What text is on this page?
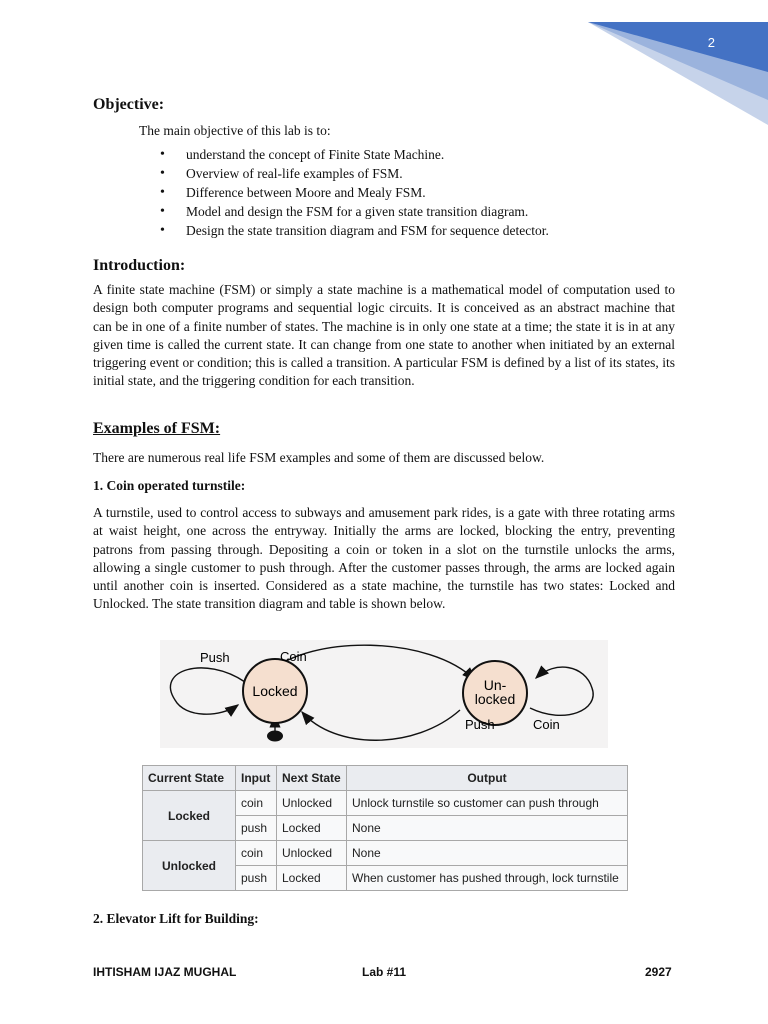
2
Objective:

The main objective of this lab is to:

• understand the concept of Finite State Machine.
• Overview of real-life examples of FSM.
• Difference between Moore and Mealy FSM.
• Model and design the FSM for a given state transition diagram.
• Design the state transition diagram and FSM for sequence detector.
Introduction:

A finite state machine (FSM) or simply a state machine is a mathematical model of computation used to design both computer programs and sequential logic circuits. It is conceived as an abstract machine that can be in one of a finite number of states. The machine is in only one state at a time; the state it is in at any given time is called the current state. It can change from one state to another when initiated by an external triggering event or condition; this is called a transition. A particular FSM is defined by a list of its states, its initial state, and the triggering condition for each transition.

Examples of FSM:

There are numerous real life FSM examples and some of them are discussed below.

1. Coin operated turnstile:

A turnstile, used to control access to subways and amusement park rides, is a gate with three rotating arms at waist height, one across the entryway. Initially the arms are locked, blocking the entry, preventing patrons from passing through. Depositing a coin or token in a slot on the turnstile unlocks the arms, allowing a single customer to push through. After the customer passes through, the arms are locked again until another coin is inserted. Considered as a state machine, the turnstile has two states: Locked and Unlocked. The state transition diagram and table is shown below.

Locked	Un-
locked
Push	Coin
Push	Coin
Current State	Input	Next State	Output
Locked	coin	Unlocked	Unlock turnstile so customer can push through
	push	Locked	None
Unlocked	coin	Unlocked	None
	push	Locked	When customer has pushed through, lock turnstile

2. Elevator Lift for Building:

IHTISHAM IJAZ MUGHAL	Lab #11	2927
